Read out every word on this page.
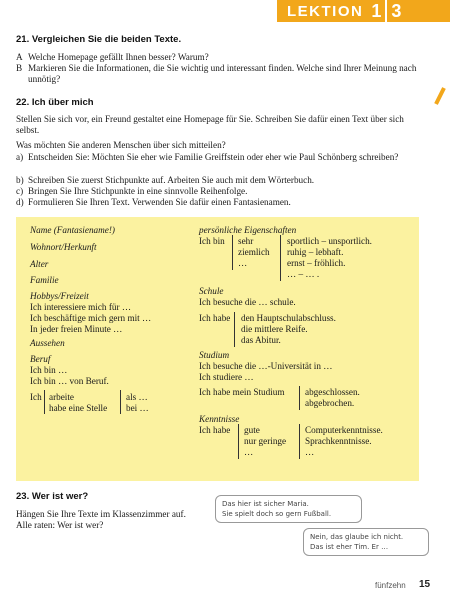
LEKTION 1 3
21. Vergleichen Sie die beiden Texte.
A Welche Homepage gefällt Ihnen besser? Warum?
B Markieren Sie die Informationen, die Sie wichtig und interessant finden. Welche sind Ihrer Meinung nach unnötig?
22. Ich über mich
Stellen Sie sich vor, ein Freund gestaltet eine Homepage für Sie. Schreiben Sie dafür einen Text über sich selbst.
Was möchten Sie anderen Menschen über sich mitteilen?
a) Entscheiden Sie: Möchten Sie eher wie Familie Greiffstein oder eher wie Paul Schönberg schreiben?
b) Schreiben Sie zuerst Stichpunkte auf. Arbeiten Sie auch mit dem Wörterbuch.
c) Bringen Sie Ihre Stichpunkte in eine sinnvolle Reihenfolge.
d) Formulieren Sie Ihren Text. Verwenden Sie dafür einen Fantasienamen.
Name (Fantasiename!)
Wohnort/Herkunft
Alter
Familie
Hobbys/Freizeit
Ich interessiere mich für …
Ich beschäftige mich gern mit …
In jeder freien Minute …
Aussehen
Beruf
Ich bin …
Ich bin … von Beruf.
Ich arbeite
habe eine Stelle
als …
bei …
persönliche Eigenschaften
Ich bin sehr
ziemlich
…
sportlich – unsportlich.
ruhig – lebhaft.
ernst – fröhlich.
… – … .
Schule
Ich besuche die … schule.
Ich habe den Hauptschulabschluss.
die mittlere Reife.
das Abitur.
Studium
Ich besuche die …-Universität in …
Ich studiere …
Ich habe mein Studium abgeschlossen.
abgebrochen.
Kenntnisse
Ich habe gute
nur geringe
…
Computerkenntnisse.
Sprachkenntnisse.
…
23. Wer ist wer?
Hängen Sie Ihre Texte im Klassenzimmer auf.
Alle raten: Wer ist wer?
Das hier ist sicher Maria.
Sie spielt doch so gern Fußball.
Nein, das glaube ich nicht.
Das ist eher Tim. Er …
fünfzehn 15
